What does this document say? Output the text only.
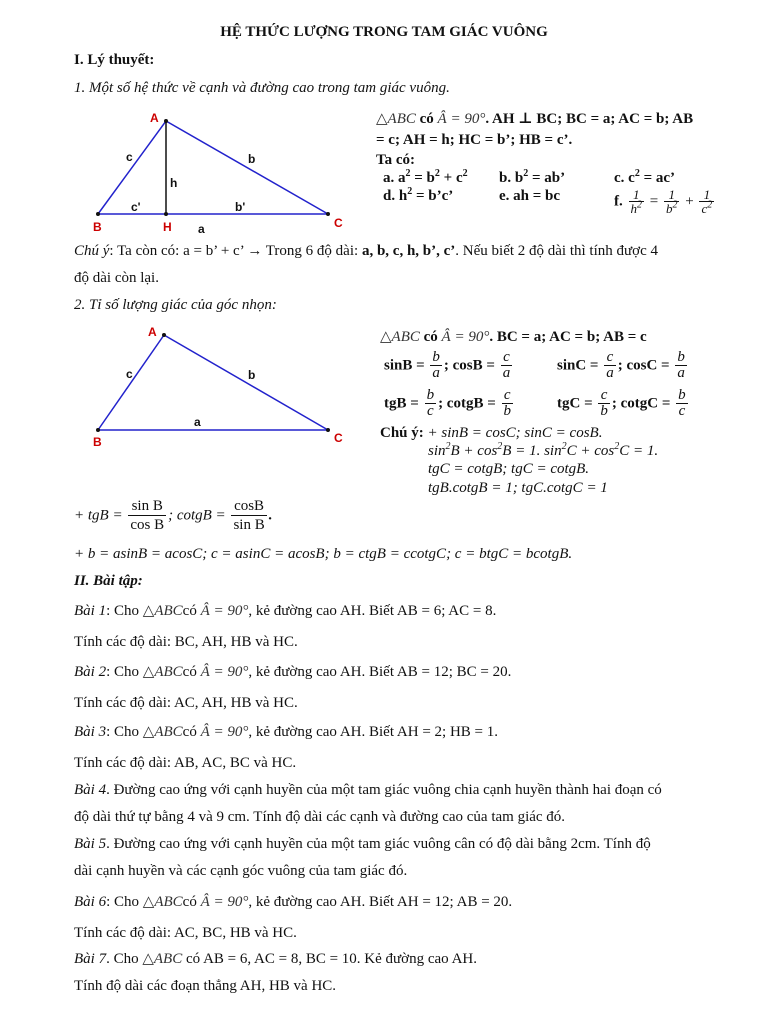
HỆ THỨC LƯỢNG TRONG TAM GIÁC VUÔNG
I. Lý thuyết:
1. Một số hệ thức về cạnh và đường cao trong tam giác vuông.
A
B	H	C
c	b
h
c'	b'
a
△ABC có Â = 90°. AH ⊥ BC; BC = a; AC = b; AB
= c; AH = h; HC = b’; HB = c’.
Ta có:
a. $a^2 = b^2 + c^2$ b. $b^2$ = ab’	c. $c^2$ = ac’
d. $h^2$ = b’c’	e. ah = bc	f. $\frac{1}{h^2} = \frac{1}{b^2} + \frac{1}{c^2}$
Chú ý: Ta còn có: a = b’ + c’ → Trong 6 độ dài: a, b, c, h, b’, c’. Nếu biết 2 độ dài thì tính được 4
độ dài còn lại.
2. Tỉ số lượng giác của góc nhọn:
A
B	C
c	b
a
△ABC có Â = 90°. BC = a; AC = b; AB = c
$\sin B = \frac{b}{a}$ ; $\cos B = \frac{c}{a}$	$\sin C = \frac{c}{a}$ ; $\cos C = \frac{b}{a}$
tgB = $\frac{b}{c}$ ; cotgB = $\frac{c}{b}$	tgC = $\frac{c}{b}$ ; cotgC = $\frac{b}{c}$
Chú ý: + sinB = cosC; sinC = cosB.
$\sin^2B + \cos^2B = 1$. $\sin^2C + \cos^2C = 1$.
tgC = cotgB; tgC = cotgB.
tgB.cotgB = 1; tgC.cotgC = 1
+ tgB = $\frac{\text{sin B}}{\text{cos B}}$ ; cotgB = $\frac{\cos B}{\text{sin B}}$ .
+ b = asinB = acosC; c = asinC = acosB; b = ctgB = ccotgC; c = btgC = bcotgB.
II. Bài tập:
Bài 1: Cho △ABCcó Â = 90°, kẻ đường cao AH. Biết AB = 6; AC = 8.
Tính các độ dài: BC, AH, HB và HC.
Bài 2: Cho △ABCcó Â = 90°, kẻ đường cao AH. Biết AB = 12; BC = 20.
Tính các độ dài: AC, AH, HB và HC.
Bài 3: Cho △ABCcó Â = 90°, kẻ đường cao AH. Biết AH = 2; HB = 1.
Tính các độ dài: AB, AC, BC và HC.
Bài 4. Đường cao ứng với cạnh huyền của một tam giác vuông chia cạnh huyền thành hai đoạn có
độ dài thứ tự bằng 4 và 9 cm. Tính độ dài các cạnh và đường cao của tam giác đó.
Bài 5. Đường cao ứng với cạnh huyền của một tam giác vuông cân có độ dài bằng 2cm. Tính độ
dài cạnh huyền và các cạnh góc vuông của tam giác đó.
Bài 6: Cho △ABCcó Â = 90°, kẻ đường cao AH. Biết AH = 12; AB = 20.
Tính các độ dài: AC, BC, HB và HC.
Bài 7. Cho △ABC có AB = 6, AC = 8, BC = 10. Kẻ đường cao AH.
Tính độ dài các đoạn thẳng AH, HB và HC.
